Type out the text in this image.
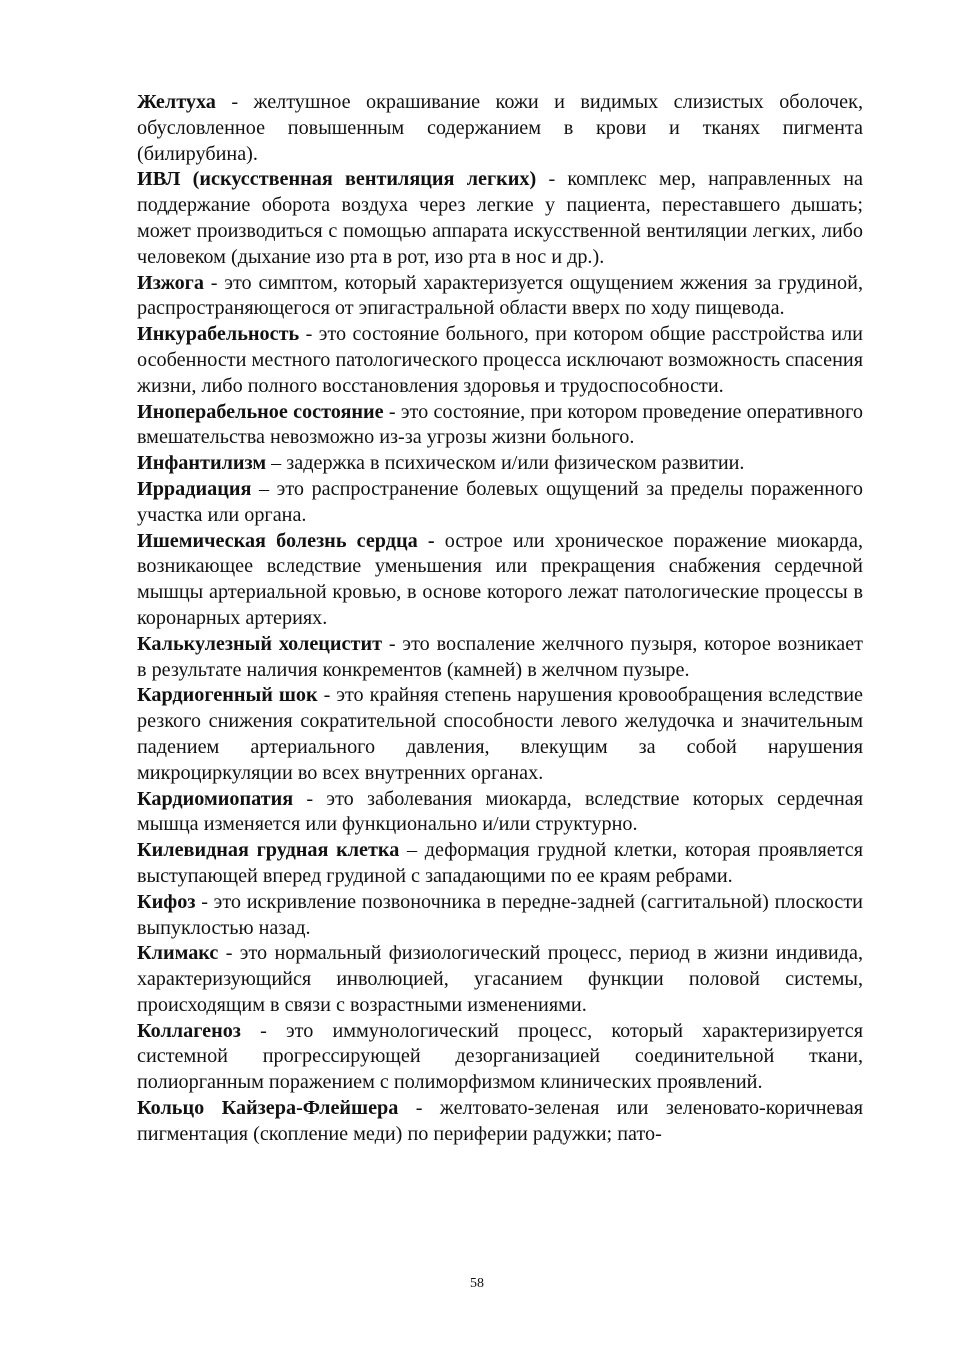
Желтуха - желтушное окрашивание кожи и видимых слизистых оболочек, обусловленное повышенным содержанием в крови и тканях пигмента (билирубина).

ИВЛ (искусственная вентиляция легких) - комплекс мер, направленных на поддержание оборота воздуха через легкие у пациента, переставшего дышать; может производиться с помощью аппарата искусственной вентиляции легких, либо человеком (дыхание изо рта в рот, изо рта в нос и др.).

Изжога - это симптом, который характеризуется ощущением жжения за грудиной, распространяющегося от эпигастральной области вверх по ходу пищевода.

Инкурабельность - это состояние больного, при котором общие расстройства или особенности местного патологического процесса исключают возможность спасения жизни, либо полного восстановления здоровья и трудоспособности.

Иноперабельное состояние - это состояние, при котором проведение оперативного вмешательства невозможно из-за угрозы жизни больного.

Инфантилизм – задержка в психическом и/или физическом развитии.

Иррадиация – это распространение болевых ощущений за пределы пораженного участка или органа.

Ишемическая болезнь сердца - острое или хроническое поражение миокарда, возникающее вследствие уменьшения или прекращения снабжения сердечной мышцы артериальной кровью, в основе которого лежат патологические процессы в коронарных артериях.

Калькулезный холецистит - это воспаление желчного пузыря, которое возникает в результате наличия конкрементов (камней) в желчном пузыре.

Кардиогенный шок - это крайняя степень нарушения кровообращения вследствие резкого снижения сократительной способности левого желудочка и значительным падением артериального давления, влекущим за собой нарушения микроциркуляции во всех внутренних органах.

Кардиомиопатия - это заболевания миокарда, вследствие которых сердечная мышца изменяется или функционально и/или структурно.

Килевидная грудная клетка – деформация грудной клетки, которая проявляется выступающей вперед грудиной с западающими по ее краям ребрами.

Кифоз - это искривление позвоночника в передне-задней (саггитальной) плоскости выпуклостью назад.

Климакс - это нормальный физиологический процесс, период в жизни индивида, характеризующийся инволюцией, угасанием функции половой системы, происходящим в связи с возрастными изменениями.

Коллагеноз - это иммунологический процесс, который характеризируется системной прогрессирующей дезорганизацией соединительной ткани, полиорганным поражением с полиморфизмом клинических проявлений.

Кольцо Кайзера-Флейшера - желтовато-зеленая или зеленовато-коричневая пигментация (скопление меди) по периферии радужки; пато-

58
